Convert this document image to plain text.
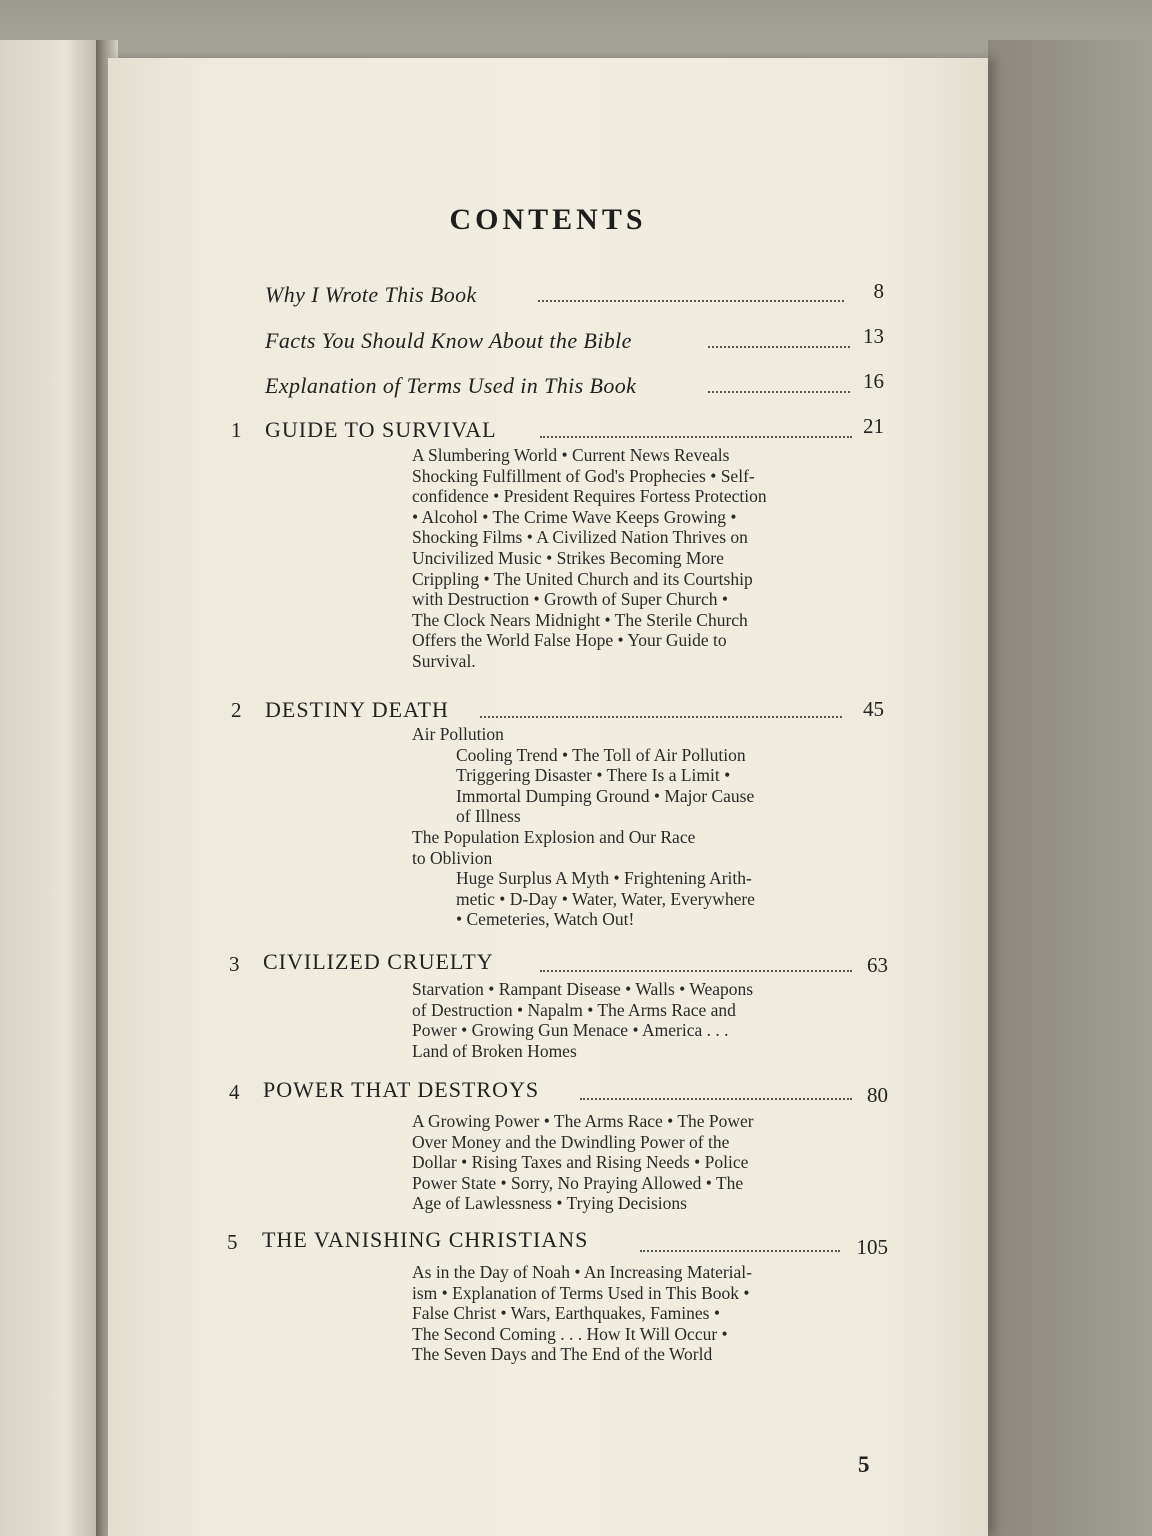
CONTENTS
Why I Wrote This Book	8
Facts You Should Know About the Bible	13
Explanation of Terms Used in This Book	16
1 GUIDE TO SURVIVAL	21
A Slumbering World • Current News Reveals
Shocking Fulfillment of God's Prophecies • Self-
confidence • President Requires Fortess Protection
• Alcohol • The Crime Wave Keeps Growing •
Shocking Films • A Civilized Nation Thrives on
Uncivilized Music • Strikes Becoming More
Crippling • The United Church and its Courtship
with Destruction • Growth of Super Church •
The Clock Nears Midnight • The Sterile Church
Offers the World False Hope • Your Guide to
Survival.
2 DESTINY DEATH	45
Air Pollution
Cooling Trend • The Toll of Air Pollution
Triggering Disaster • There Is a Limit •
Immortal Dumping Ground • Major Cause
of Illness
The Population Explosion and Our Race
to Oblivion
Huge Surplus A Myth • Frightening Arith-
metic • D-Day • Water, Water, Everywhere
• Cemeteries, Watch Out!
3 CIVILIZED CRUELTY	63
Starvation • Rampant Disease • Walls • Weapons
of Destruction • Napalm • The Arms Race and
Power • Growing Gun Menace • America . . .
Land of Broken Homes
4 POWER THAT DESTROYS	80
A Growing Power • The Arms Race • The Power
Over Money and the Dwindling Power of the
Dollar • Rising Taxes and Rising Needs • Police
Power State • Sorry, No Praying Allowed • The
Age of Lawlessness • Trying Decisions
5 THE VANISHING CHRISTIANS	105
As in the Day of Noah • An Increasing Material-
ism • Explanation of Terms Used in This Book •
False Christ • Wars, Earthquakes, Famines •
The Second Coming . . . How It Will Occur •
The Seven Days and The End of the World
5
